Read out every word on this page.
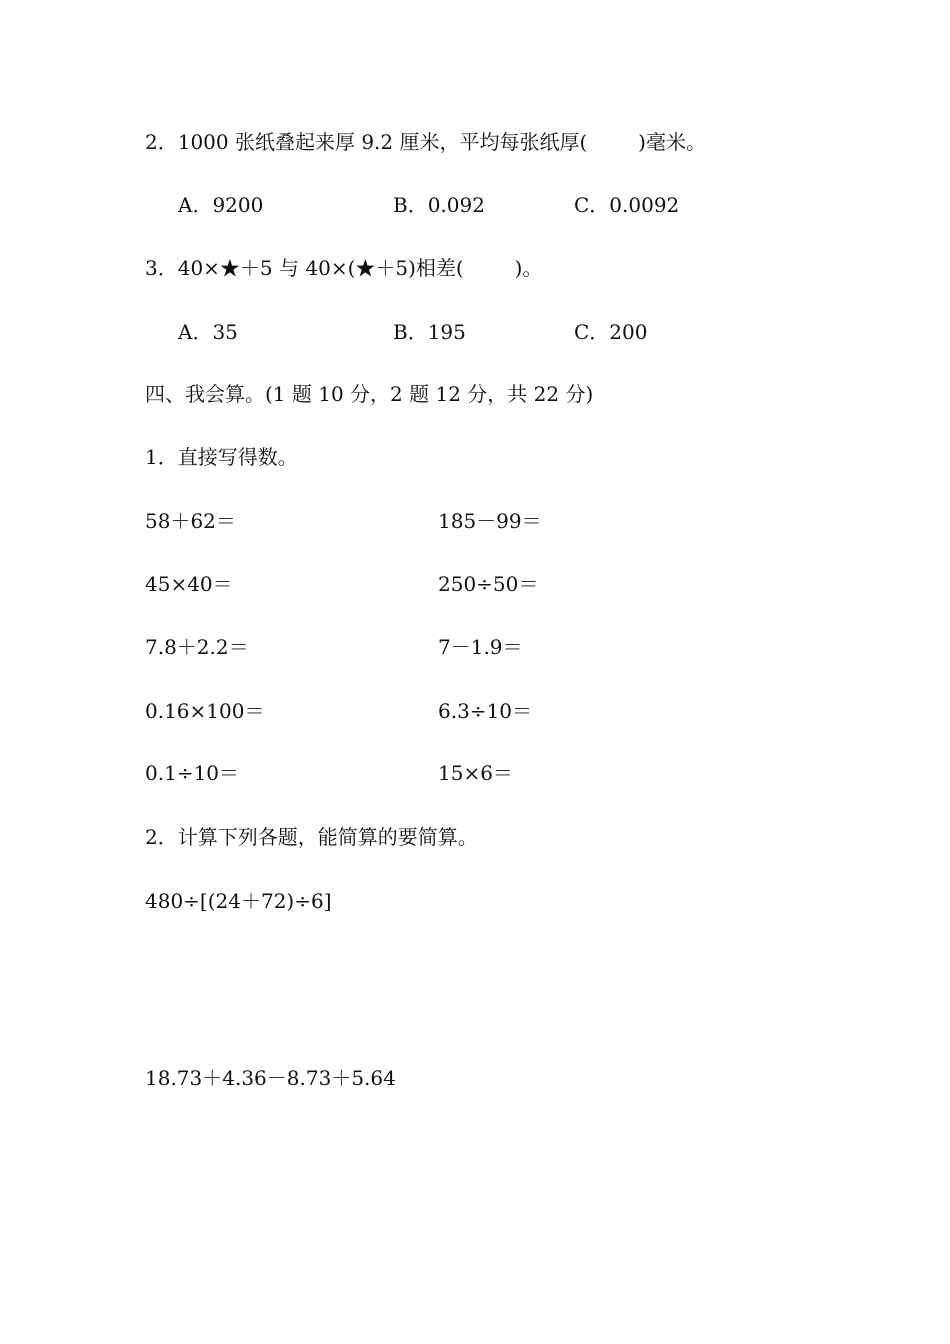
2．1000 张纸叠起来厚 9.2 厘米，平均每张纸厚(        )毫米。
A．9200	B．0.092	C．0.0092
3．40×★＋5 与 40×(★＋5)相差(        )。
A．35	B．195	C．200
四、我会算。(1 题 10 分，2 题 12 分，共 22 分)
1．直接写得数。
58＋62＝	185－99＝
45×40＝	250÷50＝
7.8＋2.2＝	7－1.9＝
0.16×100＝	6.3÷10＝
0.1÷10＝	15×6＝
2．计算下列各题，能简算的要简算。
480÷[(24＋72)÷6]
18.73＋4.36－8.73＋5.64
